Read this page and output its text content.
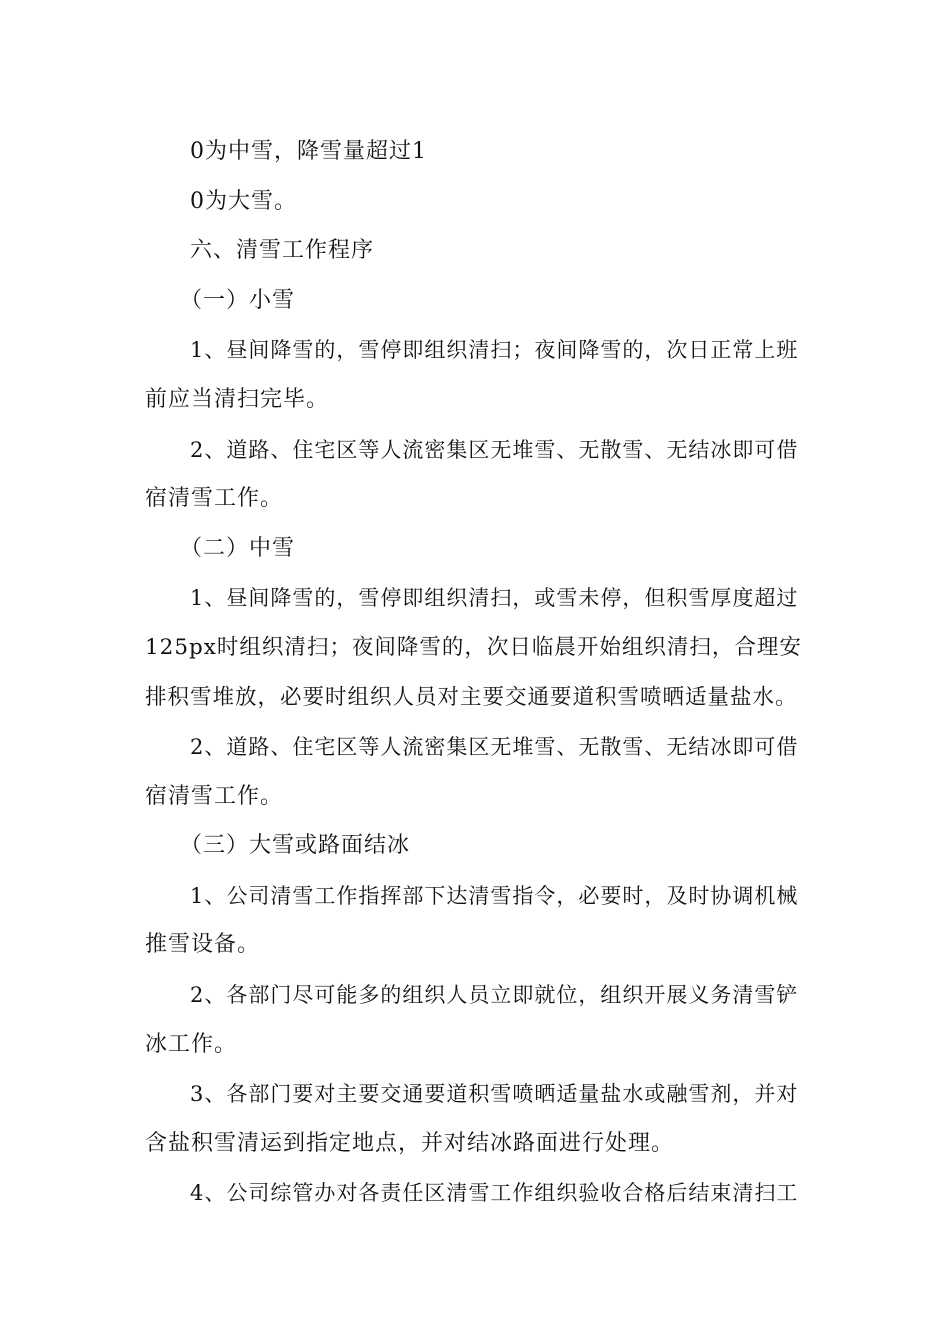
0为中雪，降雪量超过1
0为大雪。
六、清雪工作程序
（一）小雪
1、昼间降雪的，雪停即组织清扫；夜间降雪的，次日正常上班
前应当清扫完毕。
2、道路、住宅区等人流密集区无堆雪、无散雪、无结冰即可借
宿清雪工作。
（二）中雪
1、昼间降雪的，雪停即组织清扫，或雪未停，但积雪厚度超过
125px时组织清扫；夜间降雪的，次日临晨开始组织清扫，合理安
排积雪堆放，必要时组织人员对主要交通要道积雪喷晒适量盐水。
2、道路、住宅区等人流密集区无堆雪、无散雪、无结冰即可借
宿清雪工作。
（三）大雪或路面结冰
1、公司清雪工作指挥部下达清雪指令，必要时，及时协调机械
推雪设备。
2、各部门尽可能多的组织人员立即就位，组织开展义务清雪铲
冰工作。
3、各部门要对主要交通要道积雪喷晒适量盐水或融雪剂，并对
含盐积雪清运到指定地点，并对结冰路面进行处理。
4、公司综管办对各责任区清雪工作组织验收合格后结束清扫工
